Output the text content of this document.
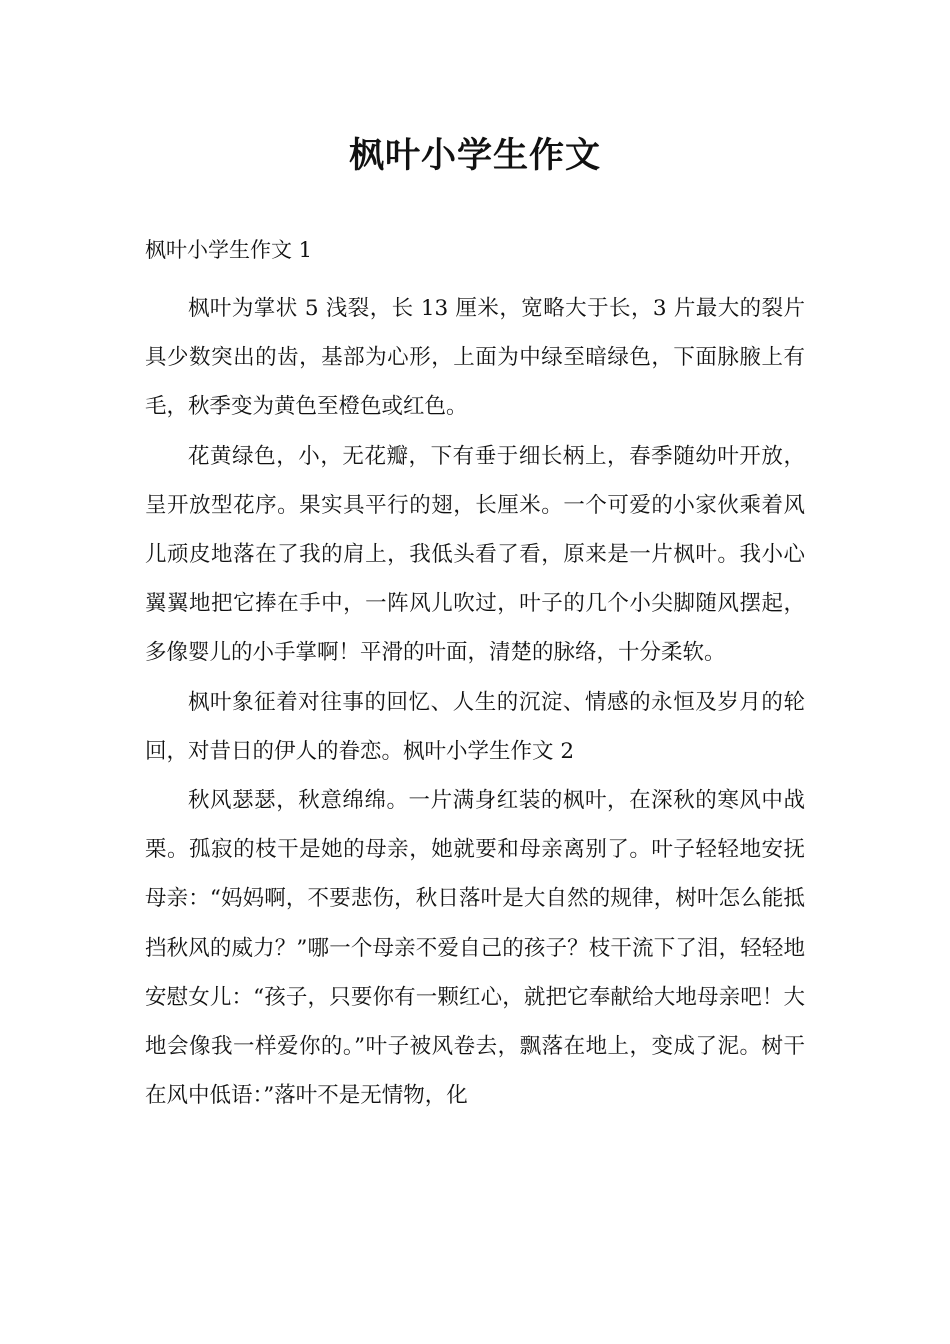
枫叶小学生作文

枫叶小学生作文 1

枫叶为掌状 5 浅裂，长 13 厘米，宽略大于长，3 片最大的裂片具少数突出的齿，基部为心形，上面为中绿至暗绿色，下面脉腋上有毛，秋季变为黄色至橙色或红色。

花黄绿色，小，无花瓣，下有垂于细长柄上，春季随幼叶开放，呈开放型花序。果实具平行的翅，长厘米。一个可爱的小家伙乘着风儿顽皮地落在了我的肩上，我低头看了看，原来是一片枫叶。我小心翼翼地把它捧在手中，一阵风儿吹过，叶子的几个小尖脚随风摆起，多像婴儿的小手掌啊！平滑的叶面，清楚的脉络，十分柔软。

枫叶象征着对往事的回忆、人生的沉淀、情感的永恒及岁月的轮回，对昔日的伊人的眷恋。枫叶小学生作文 2

秋风瑟瑟，秋意绵绵。一片满身红装的枫叶，在深秋的寒风中战栗。孤寂的枝干是她的母亲，她就要和母亲离别了。叶子轻轻地安抚母亲：“妈妈啊，不要悲伤，秋日落叶是大自然的规律，树叶怎么能抵挡秋风的威力？”哪一个母亲不爱自己的孩子？枝干流下了泪，轻轻地安慰女儿：“孩子，只要你有一颗红心，就把它奉献给大地母亲吧！大地会像我一样爱你的。”叶子被风卷去，飘落在地上，变成了泥。树干在风中低语：”落叶不是无情物，化
